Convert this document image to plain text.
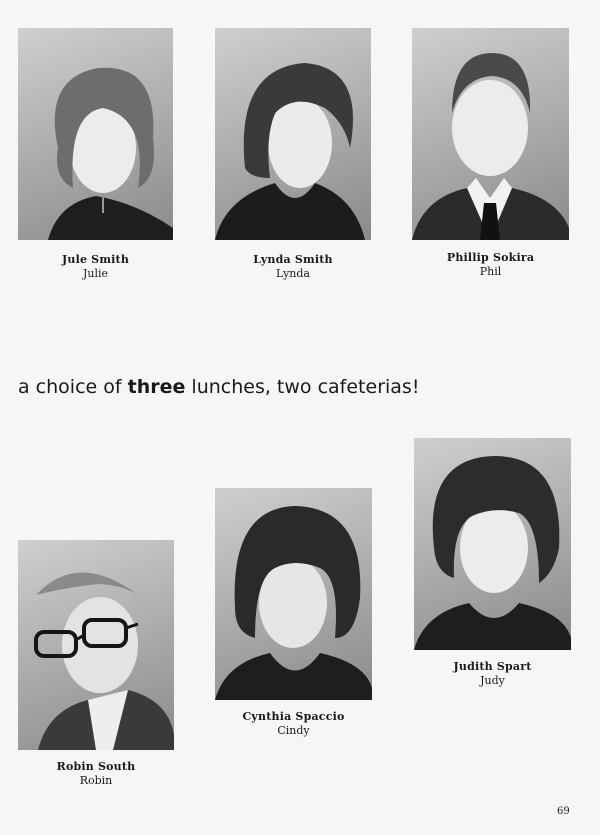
Jule Smith
Julie
Lynda Smith
Lynda
Phillip Sokira
Phil
a choice of three lunches, two cafeterias!
Robin South
Robin
Cynthia Spaccio
Cindy
Judith Spart
Judy
69
